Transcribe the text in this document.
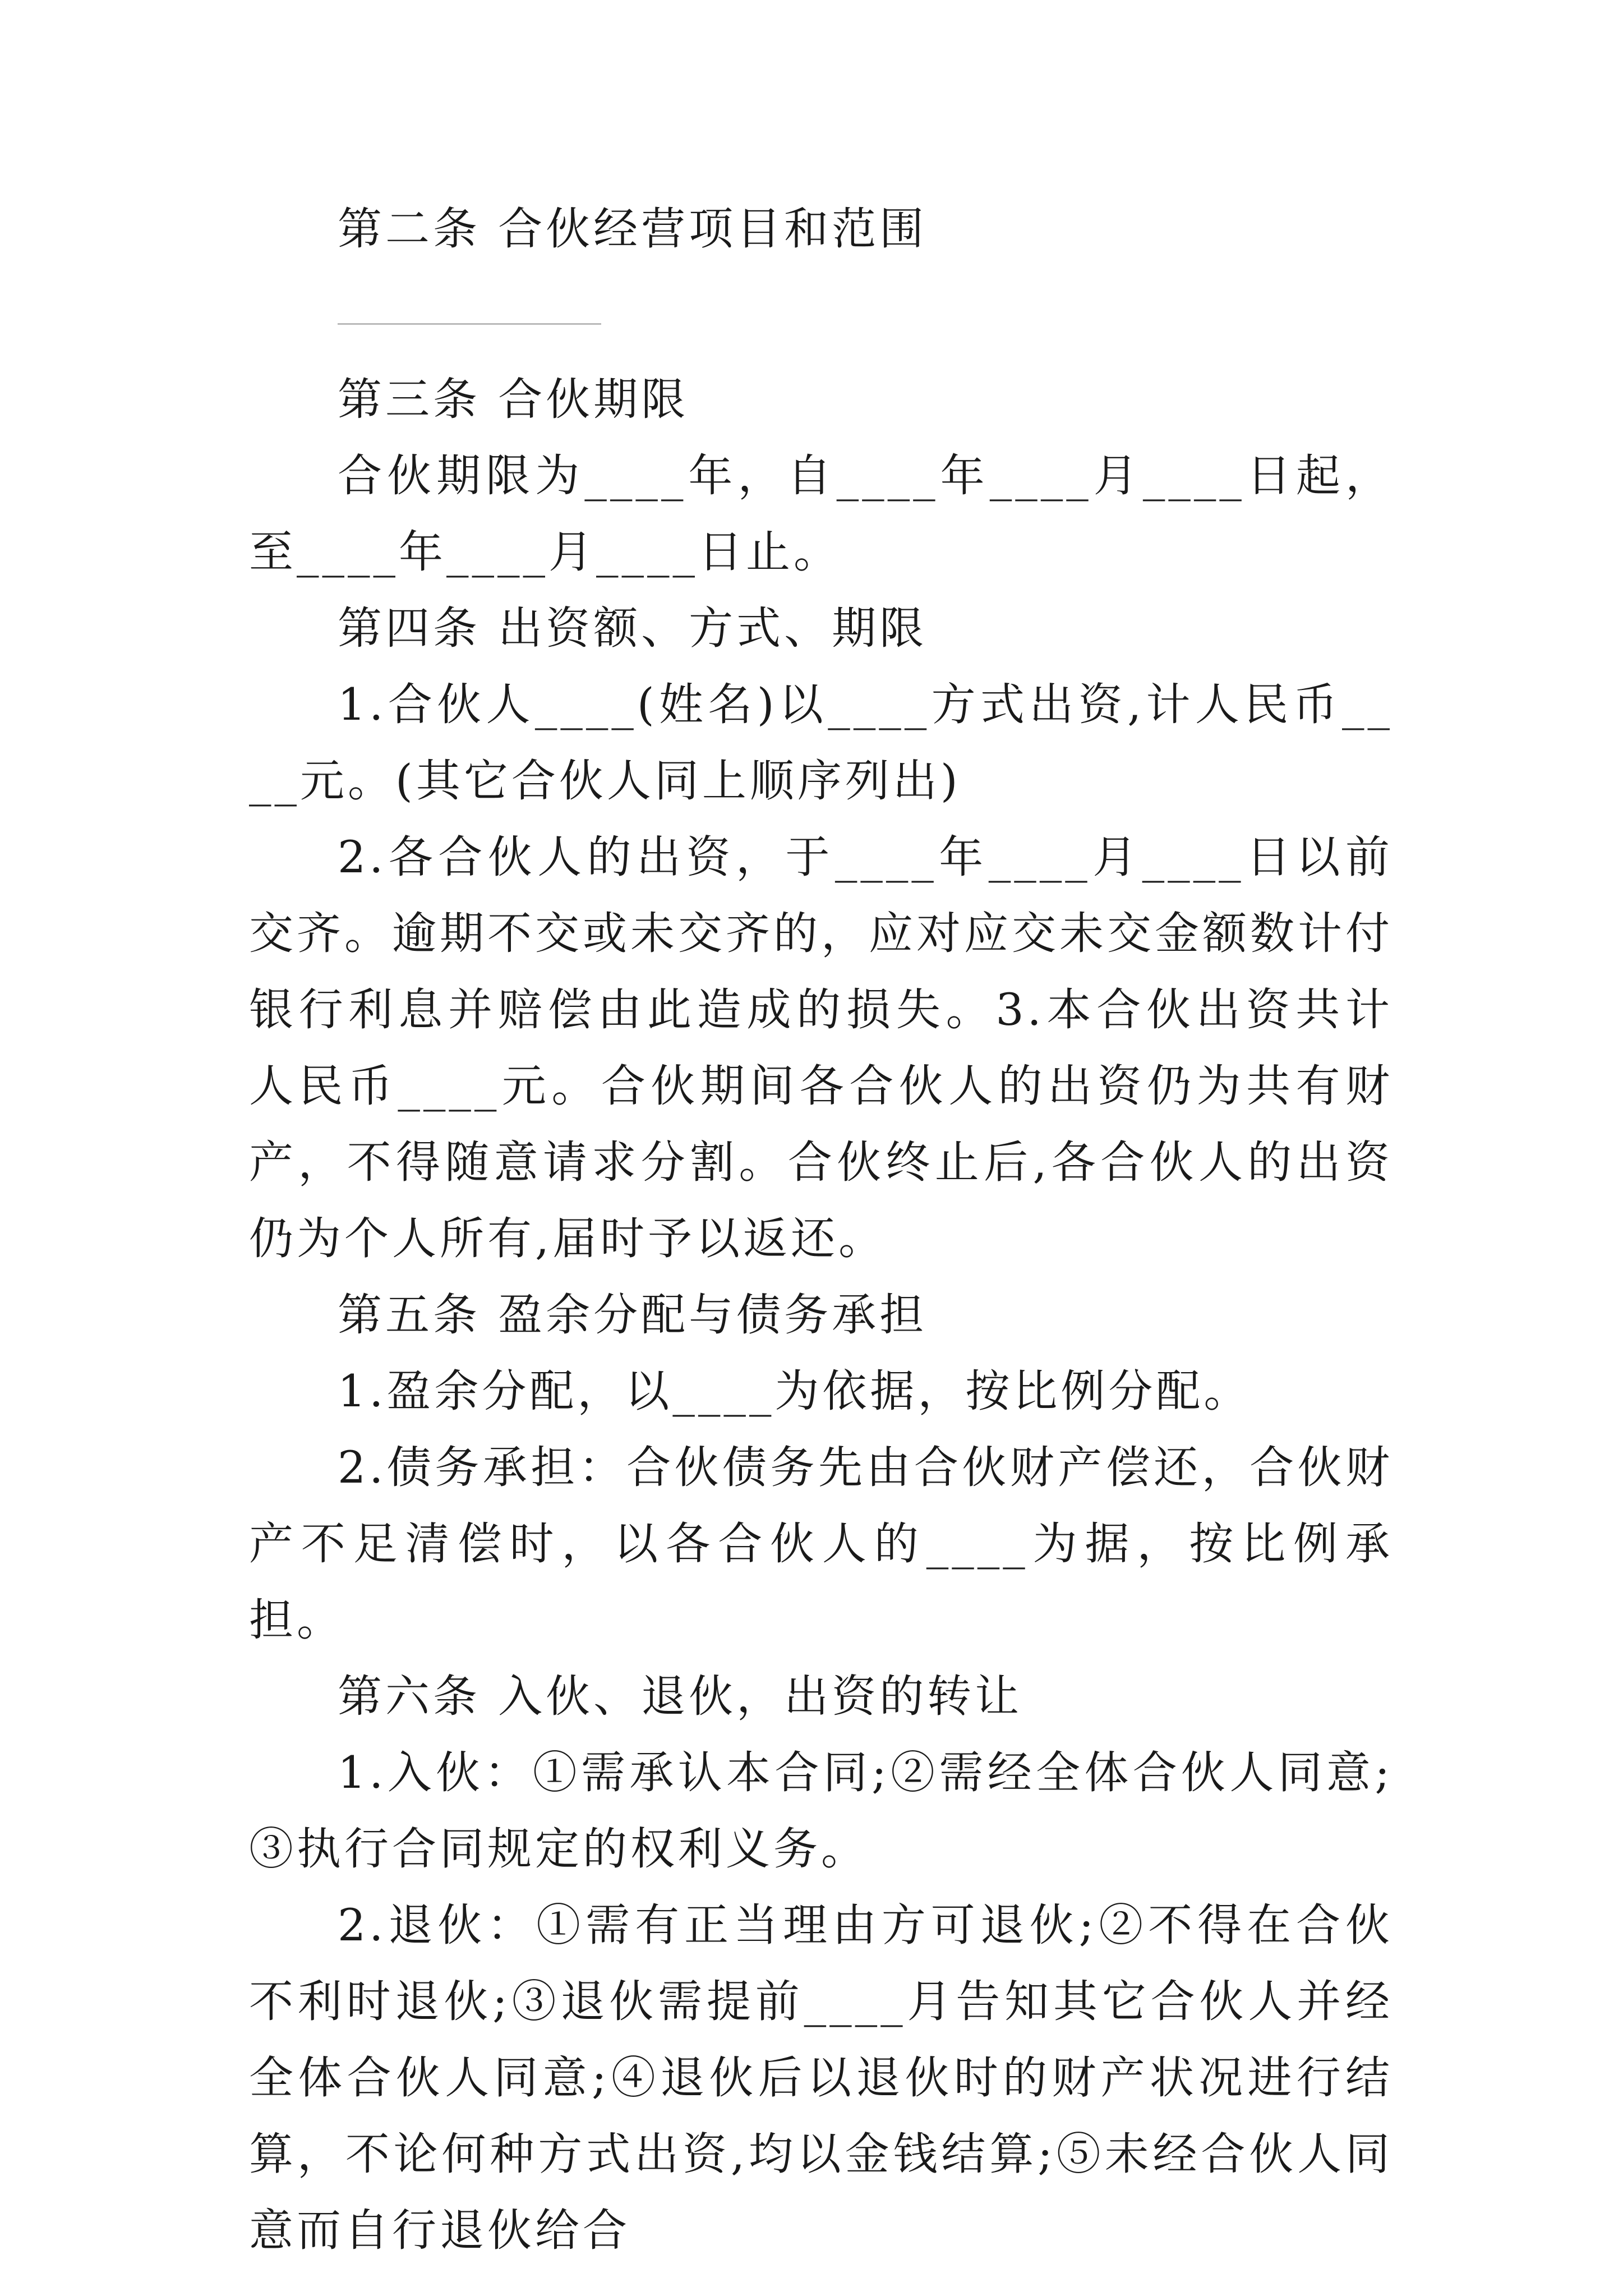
第二条 合伙经营项目和范围

第三条 合伙期限

合伙期限为____年，自____年____月____日起，至____年____月____日止。

第四条 出资额、方式、期限

1.合伙人____(姓名)以____方式出资,计人民币____元。(其它合伙人同上顺序列出)

2.各合伙人的出资，于____年____月____日以前交齐。逾期不交或未交齐的，应对应交未交金额数计付银行利息并赔偿由此造成的损失。3.本合伙出资共计人民币____元。合伙期间各合伙人的出资仍为共有财产，不得随意请求分割。合伙终止后,各合伙人的出资仍为个人所有,届时予以返还。

第五条 盈余分配与债务承担

1.盈余分配，以____为依据，按比例分配。

2.债务承担：合伙债务先由合伙财产偿还，合伙财产不足清偿时，以各合伙人的____为据，按比例承担。

第六条 入伙、退伙，出资的转让

1.入伙：①需承认本合同;②需经全体合伙人同意;③执行合同规定的权利义务。

2.退伙：①需有正当理由方可退伙;②不得在合伙不利时退伙;③退伙需提前____月告知其它合伙人并经全体合伙人同意;④退伙后以退伙时的财产状况进行结算，不论何种方式出资,均以金钱结算;⑤未经合伙人同意而自行退伙给合
